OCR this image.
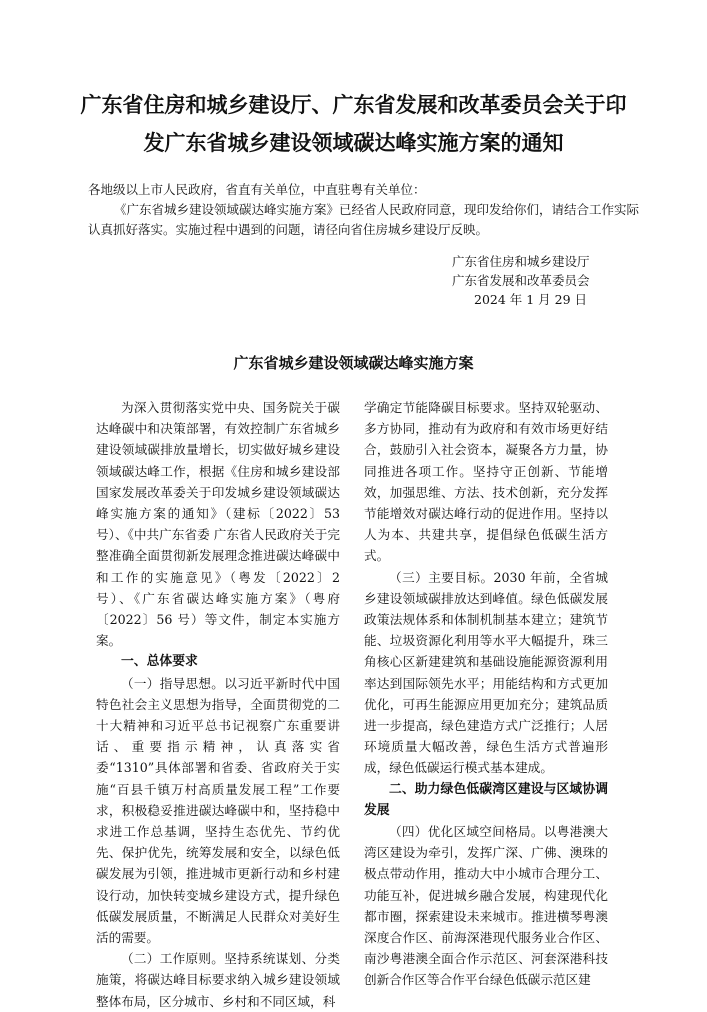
广东省住房和城乡建设厅、广东省发展和改革委员会关于印
发广东省城乡建设领域碳达峰实施方案的通知

各地级以上市人民政府，省直有关单位，中直驻粤有关单位：

《广东省城乡建设领域碳达峰实施方案》已经省人民政府同意，现印发给你们，请结合工作实际认真抓好落实。实施过程中遇到的问题，请径向省住房城乡建设厅反映。

广东省住房和城乡建设厅
广东省发展和改革委员会
2024 年 1 月 29 日
广东省城乡建设领域碳达峰实施方案

为深入贯彻落实党中央、国务院关于碳达峰碳中和决策部署，有效控制广东省城乡建设领域碳排放量增长，切实做好城乡建设领域碳达峰工作，根据《住房和城乡建设部国家发展改革委关于印发城乡建设领域碳达峰实施方案的通知》（建标〔2022〕53 号）、《中共广东省委 广东省人民政府关于完整准确全面贯彻新发展理念推进碳达峰碳中和工作的实施意见》（粤发〔2022〕2 号）、《广东省碳达峰实施方案》（粤府〔2022〕56 号）等文件，制定本实施方案。

一、总体要求

（一）指导思想。以习近平新时代中国特色社会主义思想为指导，全面贯彻党的二十大精神和习近平总书记视察广东重要讲话、重要指示精神，认真落实省委“1310”具体部署和省委、省政府关于实施“百县千镇万村高质量发展工程”工作要求，积极稳妥推进碳达峰碳中和，坚持稳中求进工作总基调，坚持生态优先、节约优先、保护优先，统筹发展和安全，以绿色低碳发展为引领，推进城市更新行动和乡村建设行动，加快转变城乡建设方式，提升绿色低碳发展质量，不断满足人民群众对美好生活的需要。

（二）工作原则。坚持系统谋划、分类施策，将碳达峰目标要求纳入城乡建设领域整体布局，区分城市、乡村和不同区域，科

学确定节能降碳目标要求。坚持双轮驱动、多方协同，推动有为政府和有效市场更好结合，鼓励引入社会资本，凝聚各方力量，协同推进各项工作。坚持守正创新、节能增效，加强思维、方法、技术创新，充分发挥节能增效对碳达峰行动的促进作用。坚持以人为本、共建共享，提倡绿色低碳生活方式。

（三）主要目标。2030 年前，全省城乡建设领域碳排放达到峰值。绿色低碳发展政策法规体系和体制机制基本建立；建筑节能、垃圾资源化利用等水平大幅提升，珠三角核心区新建建筑和基础设施能源资源利用率达到国际领先水平；用能结构和方式更加优化，可再生能源应用更加充分；建筑品质进一步提高，绿色建造方式广泛推行；人居环境质量大幅改善，绿色生活方式普遍形成，绿色低碳运行模式基本建成。

二、助力绿色低碳湾区建设与区域协调发展

（四）优化区域空间格局。以粤港澳大湾区建设为牵引，发挥广深、广佛、澳珠的极点带动作用，推动大中小城市合理分工、功能互补，促进城乡融合发展，构建现代化都市圈，探索建设未来城市。推进横琴粤澳深度合作区、前海深港现代服务业合作区、南沙粤港澳全面合作示范区、河套深港科技创新合作区等合作平台绿色低碳示范区建
